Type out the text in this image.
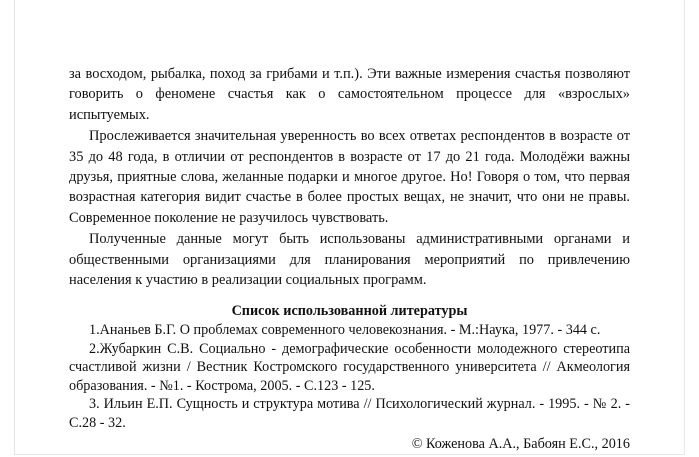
за восходом, рыбалка, поход за грибами и т.п.). Эти важные измерения счастья позволяют говорить о феномене счастья как о самостоятельном процессе для «взрослых» испытуемых.

Прослеживается значительная уверенность во всех ответах респондентов в возрасте от 35 до 48 года, в отличии от респондентов в возрасте от 17 до 21 года. Молодёжи важны друзья, приятные слова, желанные подарки и многое другое. Но! Говоря о том, что первая возрастная категория видит счастье в более простых вещах, не значит, что они не правы. Современное поколение не разучилось чувствовать.

Полученные данные могут быть использованы административными органами и общественными организациями для планирования мероприятий по привлечению населения к участию в реализации социальных программ.

Список использованной литературы

1.Ананьев Б.Г. О проблемах современного человекознания. - М.:Наука, 1977. - 344 с.

2.Жубаркин С.В. Социально - демографические особенности молодежного стереотипа счастливой жизни / Вестник Костромского государственного университета // Акмеология образования. - №1. - Кострома, 2005. - С.123 - 125.

3. Ильин Е.П. Сущность и структура мотива // Психологический журнал. - 1995. - № 2. - С.28 - 32.

© Коженова А.А., Бабоян Е.С., 2016
